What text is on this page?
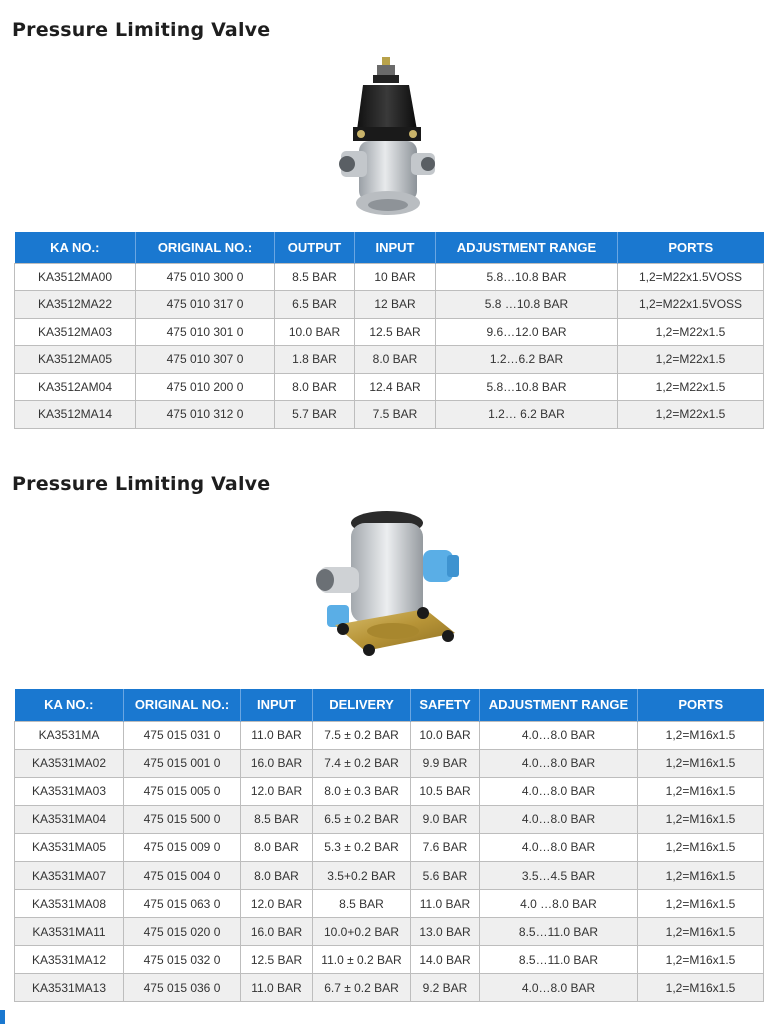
Pressure Limiting Valve
KA NO.:	ORIGINAL NO.:	OUTPUT	INPUT	ADJUSTMENT RANGE	PORTS
KA3512MA00	475 010 300 0	8.5 BAR	10 BAR	5.8…10.8 BAR	1,2=M22x1.5VOSS
KA3512MA22	475 010 317 0	6.5 BAR	12 BAR	5.8 …10.8 BAR	1,2=M22x1.5VOSS
KA3512MA03	475 010 301 0	10.0 BAR	12.5 BAR	9.6…12.0 BAR	1,2=M22x1.5
KA3512MA05	475 010 307 0	1.8 BAR	8.0 BAR	1.2…6.2 BAR	1,2=M22x1.5
KA3512AM04	475 010 200 0	8.0 BAR	12.4 BAR	5.8…10.8 BAR	1,2=M22x1.5
KA3512MA14	475 010 312 0	5.7 BAR	7.5 BAR	1.2… 6.2 BAR	1,2=M22x1.5
Pressure Limiting Valve
KA NO.:	ORIGINAL NO.:	INPUT	DELIVERY	SAFETY	ADJUSTMENT RANGE	PORTS
KA3531MA	475 015 031 0	11.0 BAR	7.5 ± 0.2 BAR	10.0 BAR	4.0…8.0 BAR	1,2=M16x1.5
KA3531MA02	475 015 001 0	16.0 BAR	7.4 ± 0.2 BAR	9.9 BAR	4.0…8.0 BAR	1,2=M16x1.5
KA3531MA03	475 015 005 0	12.0 BAR	8.0 ± 0.3 BAR	10.5 BAR	4.0…8.0 BAR	1,2=M16x1.5
KA3531MA04	475 015 500 0	8.5 BAR	6.5 ± 0.2 BAR	9.0 BAR	4.0…8.0 BAR	1,2=M16x1.5
KA3531MA05	475 015 009 0	8.0 BAR	5.3 ± 0.2 BAR	7.6 BAR	4.0…8.0 BAR	1,2=M16x1.5
KA3531MA07	475 015 004 0	8.0 BAR	3.5+0.2 BAR	5.6 BAR	3.5…4.5 BAR	1,2=M16x1.5
KA3531MA08	475 015 063 0	12.0 BAR	8.5 BAR	11.0 BAR	4.0 …8.0 BAR	1,2=M16x1.5
KA3531MA11	475 015 020 0	16.0 BAR	10.0+0.2 BAR	13.0 BAR	8.5…11.0 BAR	1,2=M16x1.5
KA3531MA12	475 015 032 0	12.5 BAR	11.0 ± 0.2 BAR	14.0 BAR	8.5…11.0 BAR	1,2=M16x1.5
KA3531MA13	475 015 036 0	11.0 BAR	6.7 ± 0.2 BAR	9.2 BAR	4.0…8.0 BAR	1,2=M16x1.5
